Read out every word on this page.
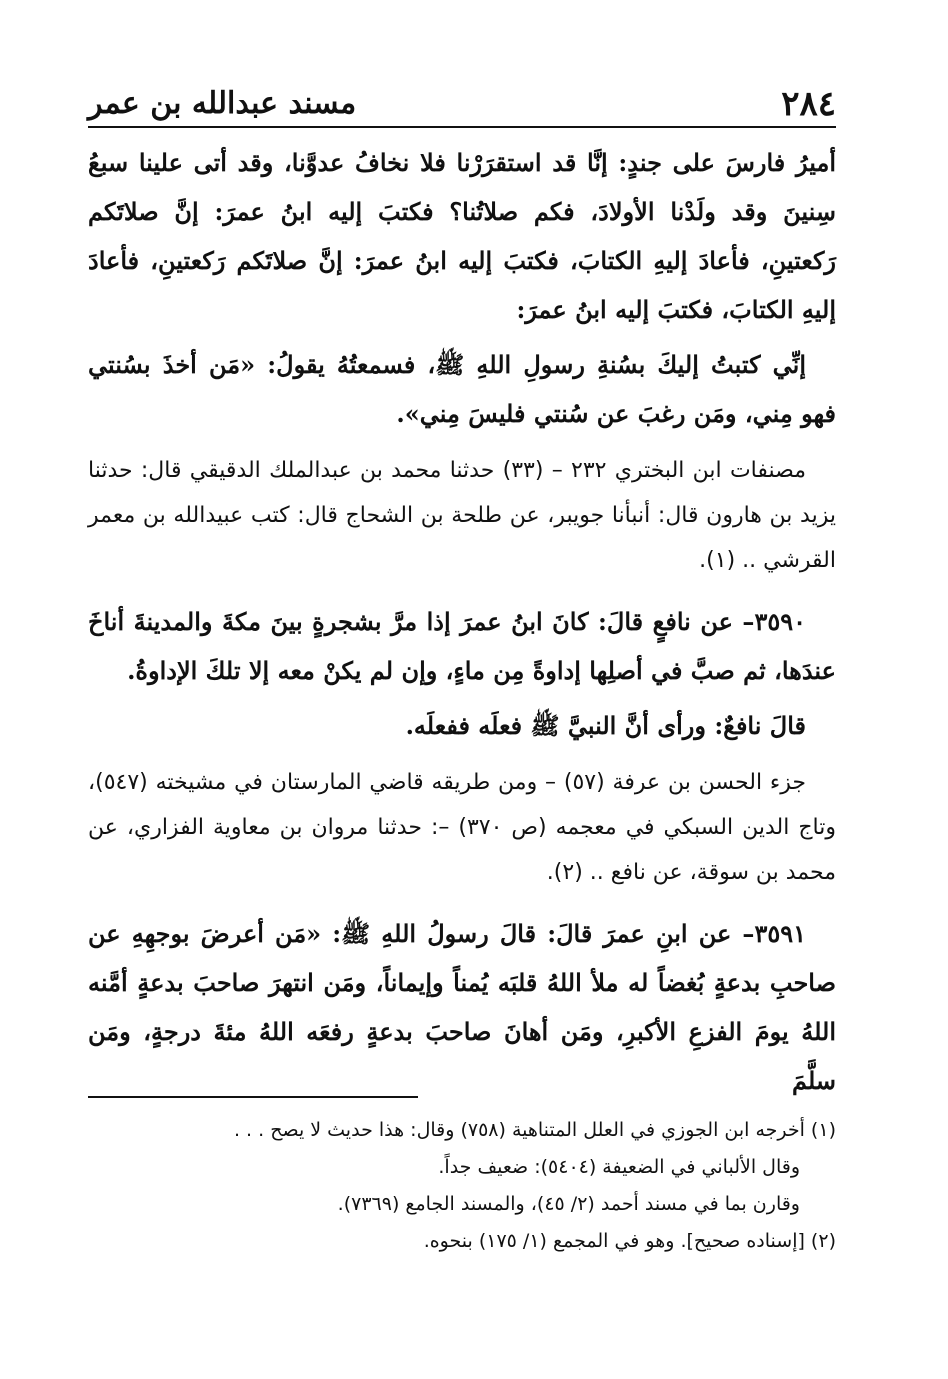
٢٨٤
مسند عبدالله بن عمر

أميرُ فارسَ على جندٍ: إنَّا قد استقرَرْنا فلا نخافُ عدوَّنا، وقد أتى علينا سبعُ سِنينَ وقد ولَدْنا الأولادَ، فكم صلاتُنا؟ فكتبَ إليه ابنُ عمرَ: إنَّ صلاتَكم رَكعتينِ، فأعادَ إليهِ الكتابَ، فكتبَ إليه ابنُ عمرَ: إنَّ صلاتَكم رَكعتينِ، فأعادَ إليهِ الكتابَ، فكتبَ إليه ابنُ عمرَ:

إنِّي كتبتُ إليكَ بسُنةِ رسولِ اللهِ ﷺ، فسمعتُهُ يقولُ: «مَن أخذَ بسُنتي فهو مِني، ومَن رغبَ عن سُنتي فليسَ مِني».

مصنفات ابن البختري ٢٣٢ – (٣٣) حدثنا محمد بن عبدالملك الدقيقي قال: حدثنا يزيد بن هارون قال: أنبأنا جويبر، عن طلحة بن الشحاج قال: كتب عبيدالله بن معمر القرشي .. (١).

٣٥٩٠– عن نافعٍ قالَ: كانَ ابنُ عمرَ إذا مرَّ بشجرةٍ بينَ مكةَ والمدينةَ أناخَ عندَها، ثم صبَّ في أصلِها إداوةً مِن ماءٍ، وإن لم يكنْ معه إلا تلكَ الإداوةُ.

قالَ نافعٌ: ورأى أنَّ النبيَّ ﷺ فعلَه ففعلَه.

جزء الحسن بن عرفة (٥٧) – ومن طريقه قاضي المارستان في مشيخته (٥٤٧)، وتاج الدين السبكي في معجمه (ص ٣٧٠) –: حدثنا مروان بن معاوية الفزاري، عن محمد بن سوقة، عن نافع .. (٢).

٣٥٩١– عن ابنِ عمرَ قالَ: قالَ رسولُ اللهِ ﷺ: «مَن أعرضَ بوجهِهِ عن صاحبِ بدعةٍ بُغضاً له ملأ اللهُ قلبَه يُمناً وإيماناً، ومَن انتهرَ صاحبَ بدعةٍ أمَّنه اللهُ يومَ الفزعِ الأكبرِ، ومَن أهانَ صاحبَ بدعةٍ رفعَه اللهُ مئةَ درجةٍ، ومَن سلَّمَ

(١) أخرجه ابن الجوزي في العلل المتناهية (٧٥٨) وقال: هذا حديث لا يصح . . .

وقال الألباني في الضعيفة (٥٤٠٤): ضعيف جداً.

وقارن بما في مسند أحمد (٢/ ٤٥)، والمسند الجامع (٧٣٦٩).

(٢) [إسناده صحيح]. وهو في المجمع (١/ ١٧٥) بنحوه.
